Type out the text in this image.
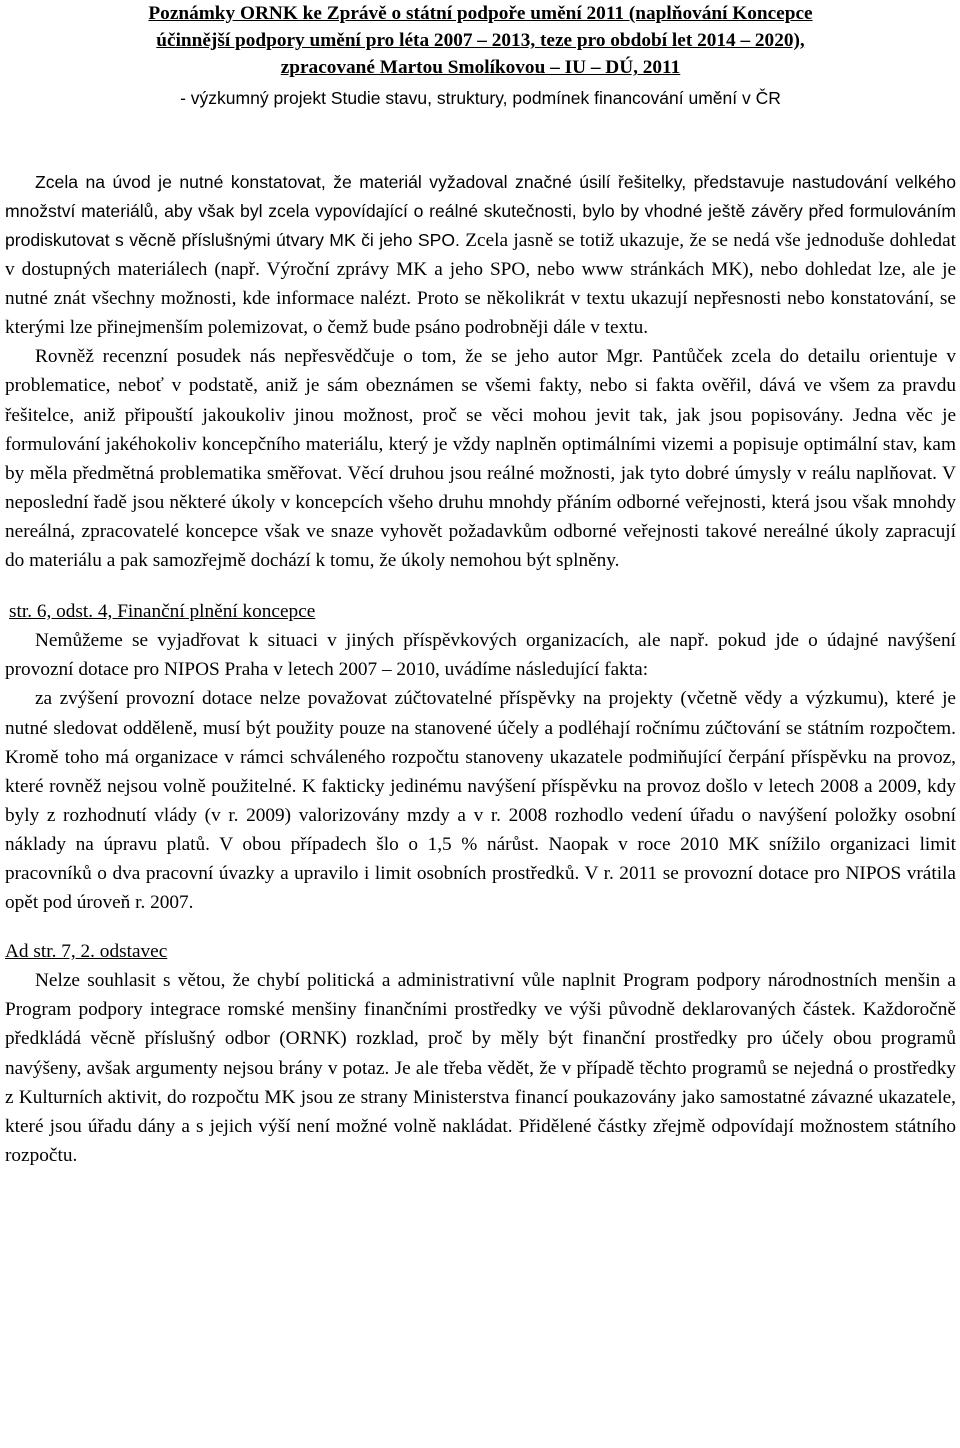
Poznámky ORNK ke Zprávě o státní podpoře umění 2011 (naplňování Koncepce
účinnější podpory umění pro léta 2007 – 2013, teze pro období let 2014 – 2020),
zpracované Martou Smolíkovou – IU – DÚ, 2011
- výzkumný projekt Studie stavu, struktury, podmínek financování umění v ČR

Zcela na úvod je nutné konstatovat, že materiál vyžadoval značné úsilí řešitelky, představuje nastudování velkého množství materiálů, aby však byl zcela vypovídající o reálné skutečnosti, bylo by vhodné ještě závěry před formulováním prodiskutovat s věcně příslušnými útvary MK či jeho SPO. Zcela jasně se totiž ukazuje, že se nedá vše jednoduše dohledat v dostupných materiálech (např. Výroční zprávy MK a jeho SPO, nebo www stránkách MK), nebo dohledat lze, ale je nutné znát všechny možnosti, kde informace nalézt. Proto se několikrát v textu ukazují nepřesnosti nebo konstatování, se kterými lze přinejmenším polemizovat, o čemž bude psáno podrobněji dále v textu.

Rovněž recenzní posudek nás nepřesvědčuje o tom, že se jeho autor Mgr. Pantůček zcela do detailu orientuje v problematice, neboť v podstatě, aniž je sám obeznámen se všemi fakty, nebo si fakta ověřil, dává ve všem za pravdu řešitelce, aniž připouští jakoukoliv jinou možnost, proč se věci mohou jevit tak, jak jsou popisovány. Jedna věc je formulování jakéhokoliv koncepčního materiálu, který je vždy naplněn optimálními vizemi a popisuje optimální stav, kam by měla předmětná problematika směřovat. Věcí druhou jsou reálné možnosti, jak tyto dobré úmysly v reálu naplňovat. V neposlední řadě jsou některé úkoly v koncepcích všeho druhu mnohdy přáním odborné veřejnosti, která jsou však mnohdy nereálná, zpracovatelé koncepce však ve snaze vyhovět požadavkům odborné veřejnosti takové nereálné úkoly zapracují do materiálu a pak samozřejmě dochází k tomu, že úkoly nemohou být splněny.

str. 6, odst. 4, Finanční plnění koncepce

Nemůžeme se vyjadřovat k situaci v jiných příspěvkových organizacích, ale např. pokud jde o údajné navýšení provozní dotace pro NIPOS Praha v letech 2007 – 2010, uvádíme následující fakta:

za zvýšení provozní dotace nelze považovat zúčtovatelné příspěvky na projekty (včetně vědy a výzkumu), které je nutné sledovat odděleně, musí být použity pouze na stanovené účely a podléhají ročnímu zúčtování se státním rozpočtem. Kromě toho má organizace v rámci schváleného rozpočtu stanoveny ukazatele podmiňující čerpání příspěvku na provoz, které rovněž nejsou volně použitelné. K fakticky jedinému navýšení příspěvku na provoz došlo v letech 2008 a 2009, kdy byly z rozhodnutí vlády (v r. 2009) valorizovány mzdy a v r. 2008 rozhodlo vedení úřadu o navýšení položky osobní náklady na úpravu platů. V obou případech šlo o 1,5 % nárůst. Naopak v roce 2010 MK snížilo organizaci limit pracovníků o dva pracovní úvazky a upravilo i limit osobních prostředků. V r. 2011 se provozní dotace pro NIPOS vrátila opět pod úroveň r. 2007.

Ad str. 7, 2. odstavec

Nelze souhlasit s větou, že chybí politická a administrativní vůle naplnit Program podpory národnostních menšin a Program podpory integrace romské menšiny finančními prostředky ve výši původně deklarovaných částek. Každoročně předkládá věcně příslušný odbor (ORNK) rozklad, proč by měly být finanční prostředky pro účely obou programů navýšeny, avšak argumenty nejsou brány v potaz. Je ale třeba vědět, že v případě těchto programů se nejedná o prostředky z Kulturních aktivit, do rozpočtu MK jsou ze strany Ministerstva financí poukazovány jako samostatné závazné ukazatele, které jsou úřadu dány a s jejich výší není možné volně nakládat. Přidělené částky zřejmě odpovídají možnostem státního rozpočtu.
